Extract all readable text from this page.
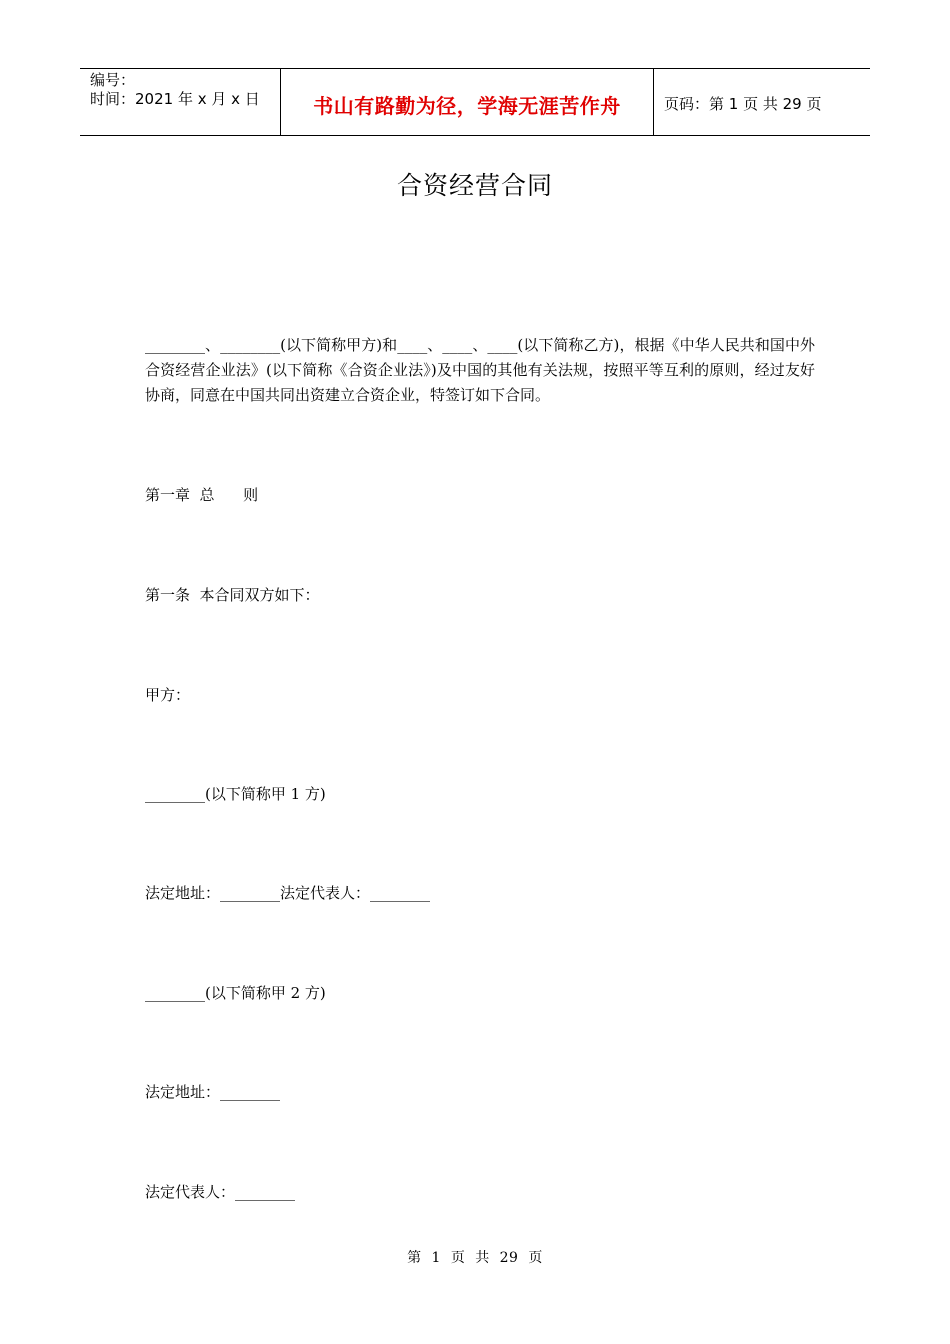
编号：
时间：2021 年 x 月 x 日	书山有路勤为径，学海无涯苦作舟	页码：第 1 页 共 29 页
合资经营合同

________、________(以下简称甲方)和____、____、____(以下简称乙方)，根据《中华人民共和国中外合资经营企业法》(以下简称《合资企业法》)及中国的其他有关法规，按照平等互利的原则，经过友好协商，同意在中国共同出资建立合资企业，特签订如下合同。

第一章  总      则

第一条  本合同双方如下：

甲方：

________(以下简称甲 1 方)

法定地址：________法定代表人：________

________(以下简称甲 2 方)

法定地址：________

法定代表人：________

第  1  页  共  29  页
